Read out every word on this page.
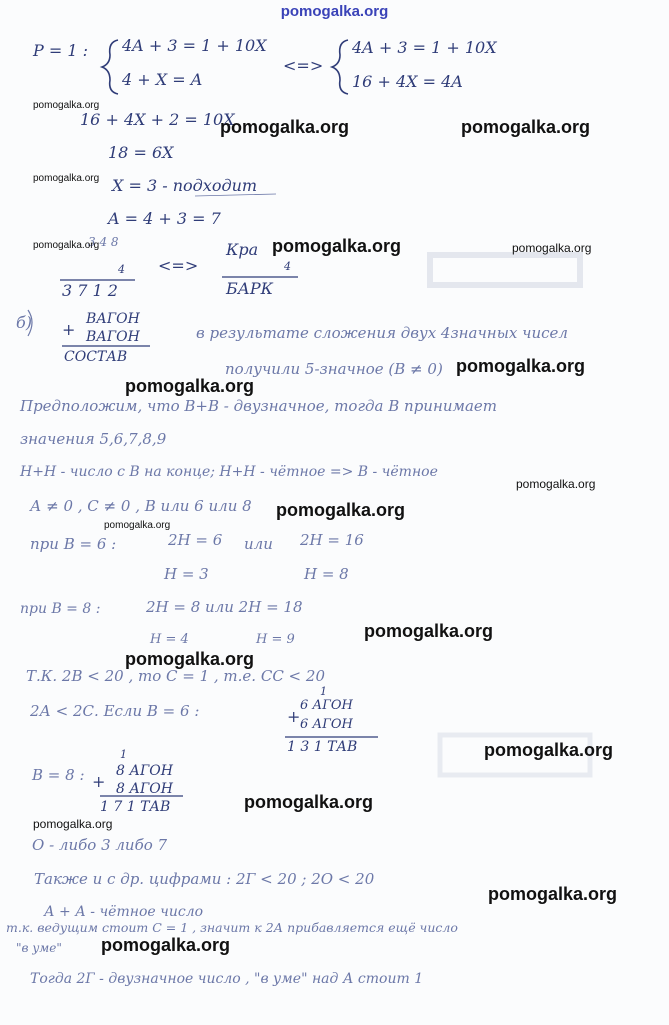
pomogalka.org
P = 1 : 4A + 3 = 1 + 10X
4 + X = A
<=>
4A + 3 = 1 + 10X
16 + 4X = 4A
16 + 4X + 2 = 10X
18 = 6X
X = 3 - подходит
A = 4 + 3 = 7
3 4 8
4
3 7 1 2
<=>
Кра
4
БАРК
б)	ВАГОН
+ ВАГОН
СОСТАВ
в результате сложения двух 4значных чисел
получили 5-значное (В ≠ 0)
Предположим, что В+В - двузначное, тогда В принимает
значения 5,6,7,8,9
Н+Н - число с В на конце; Н+Н - чётное => В - чётное
А ≠ 0 , С ≠ 0 , В или 6 или 8
при В = 6 :	2Н = 6 или 2Н = 16
Н = 3	Н = 8
при В = 8 :	2Н = 8 или 2Н = 18
Н = 4	Н = 9
Т.К. 2В < 20 , то С = 1 , т.е. СС < 20
2А < 2С. Если В = 6 :
1
6 АГОН
+ 6 АГОН
1 3 1 ТАВ
В = 8 :
1
8 АГОН
+ 8 АГОН
1 7 1 ТАВ
О - либо 3 либо 7
Также и с др. цифрами : 2Г < 20 ; 2О < 20
А + А - чётное число
т.к. ведущим стоит С = 1 , значит к 2А прибавляется ещё число
"в уме"
Тогда 2Г - двузначное число , "в уме" над А стоит 1
pomogalka.org
pomogalka.org	pomogalka.org
pomogalka.org
pomogalka.org	pomogalka.org	pomogalka.org
pomogalka.org
pomogalka.org
pomogalka.org
pomogalka.org
pomogalka.org
pomogalka.org
pomogalka.org
pomogalka.org
pomogalka.org
pomogalka.org
pomogalka.org
pomogalka.org
